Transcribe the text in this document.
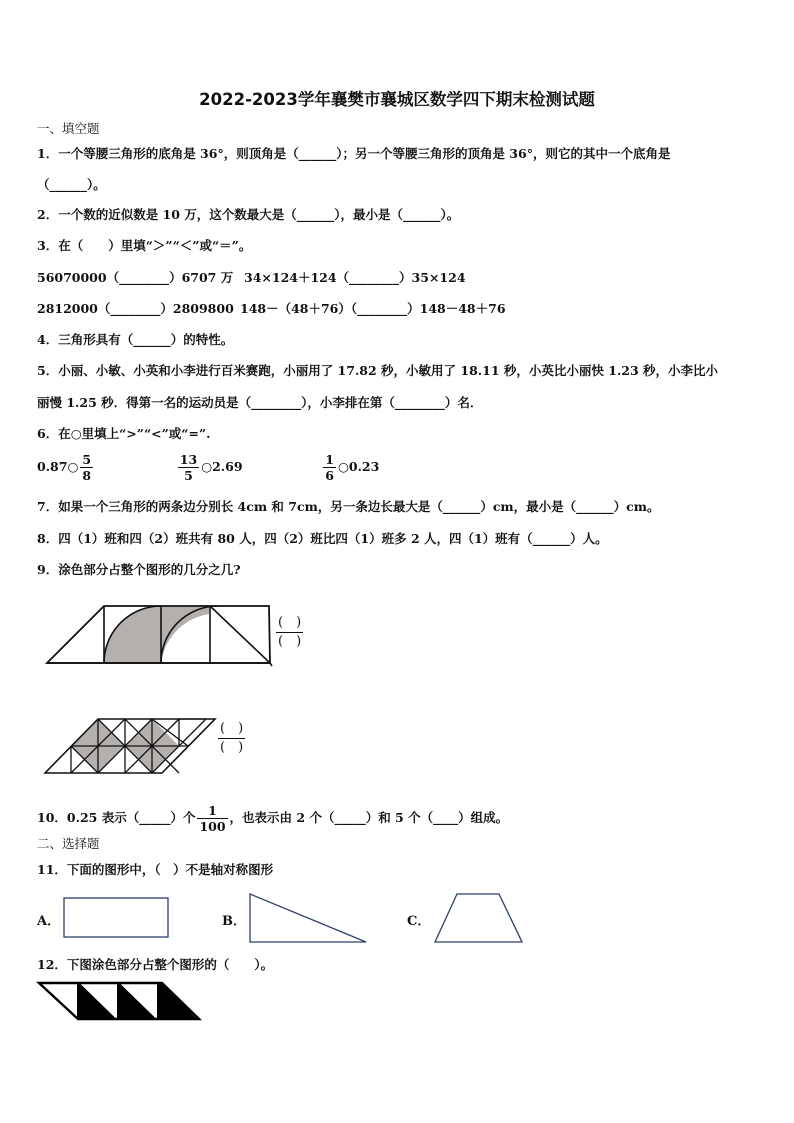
2022-2023学年襄樊市襄城区数学四下期末检测试题
一、填空题
1．一个等腰三角形的底角是 36°，则顶角是（______）；另一个等腰三角形的顶角是 36°，则它的其中一个底角是
（______）。
2．一个数的近似数是 10 万，这个数最大是（______），最小是（______）。
3．在（　　）里填“＞”“＜”或“＝”。
56070000（________）6707 万 34×124＋124（________）35×124
2812000（________）2809800 148－（48＋76）（________）148－48＋76
4．三角形具有（______）的特性。
5．小丽、小敏、小英和小李进行百米赛跑，小丽用了 17.82 秒，小敏用了 18.11 秒，小英比小丽快 1.23 秒，小李比小
丽慢 1.25 秒．得第一名的运动员是（________），小李排在第（________）名．
6．在○里填上“>”“<”或“=”.
0.87○ $\frac{5}{8}$
	$\frac{13}{5}$ ○2.69	$\frac{1}{6}$ ○0.23
7．如果一个三角形的两条边分别长 4cm 和 7cm，另一条边长最大是（______）cm，最小是（______）cm。
8．四（1）班和四（2）班共有 80 人，四（2）班比四（1）班多 2 人，四（1）班有（______）人。
9．涂色部分占整个图形的几分之几?
(　)
(　)
(　)
(　)
10．0.25 表示（_____）个 $\frac{1}{100}$ ，也表示由 2 个（_____）和 5 个（____）组成。
二、选择题
11．下面的图形中，（　）不是轴对称图形
A．	B．	C．
12．下图涂色部分占整个图形的（　　）。
